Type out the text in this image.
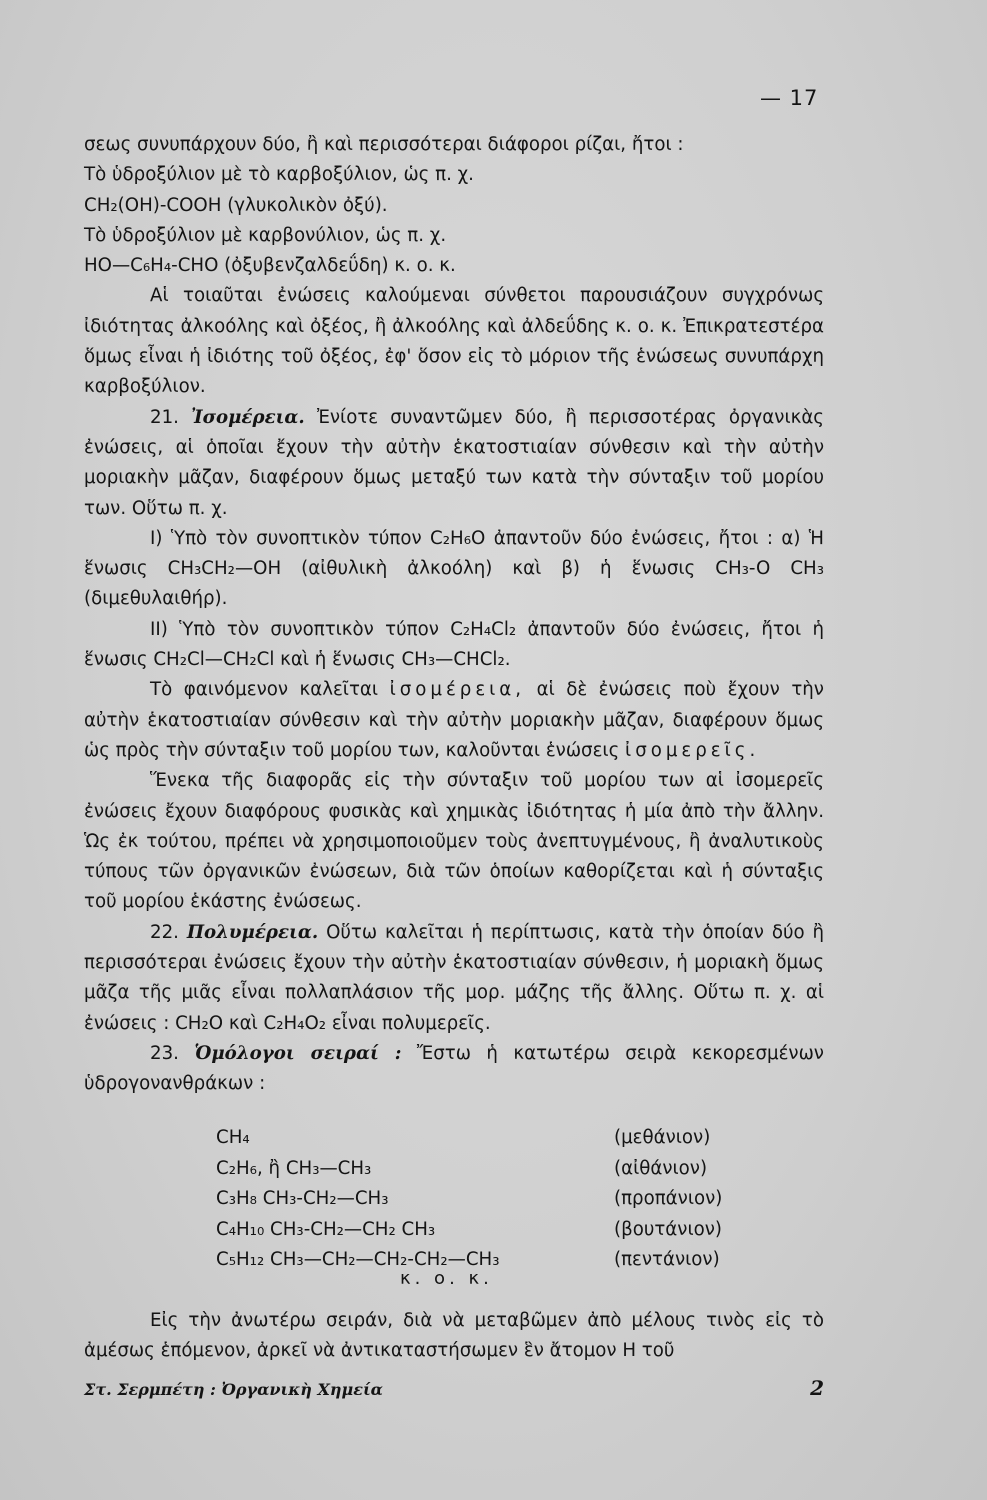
— 17

σεως συνυπάρχουν δύο, ἢ καὶ περισσότεραι διάφοροι ρίζαι, ἤτοι :

Τὸ ὑδροξύλιον μὲ τὸ καρβοξύλιον, ὡς π. χ.

CH₂(OH)-COOH (γλυκολικὸν ὀξύ).

Τὸ ὑδροξύλιον μὲ καρβονύλιον, ὡς π. χ.

HO—C₆H₄-CHO (ὀξυβενζαλδεΰδη) κ. ο. κ.

Αἱ τοιαῦται ἐνώσεις καλούμεναι σύνθετοι παρουσιάζουν συγχρόνως ἰδιότητας ἀλκοόλης καὶ ὀξέος, ἢ ἀλκοόλης καὶ ἀλδεΰδης κ. ο. κ. Ἐπικρατεστέρα ὅμως εἶναι ἡ ἰδιότης τοῦ ὀξέος, ἐφ' ὅσον εἰς τὸ μόριον τῆς ἑνώσεως συνυπάρχη καρβοξύλιον.

21. Ἰσομέρεια. Ἐνίοτε συναντῶμεν δύο, ἢ περισσοτέρας ὀργανικὰς ἐνώσεις, αἱ ὁποῖαι ἔχουν τὴν αὐτὴν ἑκατοστιαίαν σύνθεσιν καὶ τὴν αὐτὴν μοριακὴν μᾶζαν, διαφέρουν ὅμως μεταξύ των κατὰ τὴν σύνταξιν τοῦ μορίου των. Οὕτω π. χ.

I) Ὑπὸ τὸν συνοπτικὸν τύπον C₂H₆O ἀπαντοῦν δύο ἐνώσεις, ἤτοι : α) Ἡ ἕνωσις CH₃CH₂—OH (αἰθυλικὴ ἀλκοόλη) καὶ β) ἡ ἕνωσις CH₃-O CH₃ (διμεθυλαιθήρ).

II) Ὑπὸ τὸν συνοπτικὸν τύπον C₂H₄Cl₂ ἀπαντοῦν δύο ἐνώσεις, ἤτοι ἡ ἕνωσις CH₂Cl—CH₂Cl καὶ ἡ ἕνωσις CH₃—CHCl₂.

Τὸ φαινόμενον καλεῖται ἰσομέρεια, αἱ δὲ ἐνώσεις ποὺ ἔχουν τὴν αὐτὴν ἑκατοστιαίαν σύνθεσιν καὶ τὴν αὐτὴν μοριακὴν μᾶζαν, διαφέρουν ὅμως ὡς πρὸς τὴν σύνταξιν τοῦ μορίου των, καλοῦνται ἑνώσεις ἰσομερεῖς.

Ἕνεκα τῆς διαφορᾶς εἰς τὴν σύνταξιν τοῦ μορίου των αἱ ἰσομερεῖς ἐνώσεις ἔχουν διαφόρους φυσικὰς καὶ χημικὰς ἰδιότητας ἡ μία ἀπὸ τὴν ἄλλην. Ὡς ἐκ τούτου, πρέπει νὰ χρησιμοποιοῦμεν τοὺς ἀνεπτυγμένους, ἢ ἀναλυτικοὺς τύπους τῶν ὀργανικῶν ἐνώσεων, διὰ τῶν ὁποίων καθορίζεται καὶ ἡ σύνταξις τοῦ μορίου ἑκάστης ἐνώσεως.

22. Πολυμέρεια. Οὕτω καλεῖται ἡ περίπτωσις, κατὰ τὴν ὁποίαν δύο ἢ περισσότεραι ἐνώσεις ἔχουν τὴν αὐτὴν ἑκατοστιαίαν σύνθεσιν, ἡ μοριακὴ ὅμως μᾶζα τῆς μιᾶς εἶναι πολλαπλάσιον τῆς μορ. μάζης τῆς ἄλλης. Οὕτω π. χ. αἱ ἐνώσεις : CH₂O καὶ C₂H₄O₂ εἶναι πολυμερεῖς.

23. Ὁμόλογοι σειραί : Ἔστω ἡ κατωτέρω σειρὰ κεκορεσμένων ὑδρογονανθράκων :

CH₄	(μεθάνιον)
C₂H₆, ἢ CH₃—CH₃	(αἰθάνιον)
C₃H₈ CH₃-CH₂—CH₃	(προπάνιον)
C₄H₁₀ CH₃-CH₂—CH₂ CH₃	(βουτάνιον)
C₅H₁₂ CH₃—CH₂—CH₂-CH₂—CH₃	(πεντάνιον)
κ. ο. κ.

Εἰς τὴν ἀνωτέρω σειράν, διὰ νὰ μεταβῶμεν ἀπὸ μέλους τινὸς εἰς τὸ ἀμέσως ἑπόμενον, ἀρκεῖ νὰ ἀντικαταστήσωμεν ἓν ἄτομον H τοῦ

Στ. Σερμπέτη : Ὀργανικὴ Χημεία	2
